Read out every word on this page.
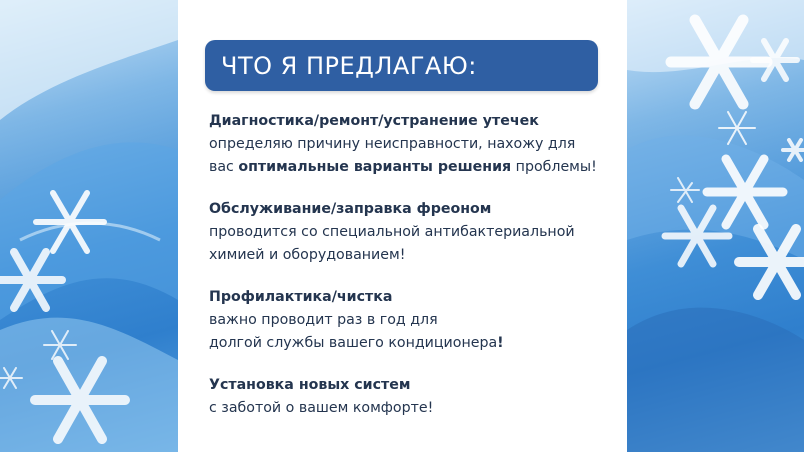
ЧТО Я ПРЕДЛАГАЮ:
Диагностика/ремонт/устранение утечек
определяю причину неисправности, нахожу для
вас оптимальные варианты решения проблемы!
Обслуживание/заправка фреоном
проводится со специальной антибактериальной
химией и оборудованием!
Профилактика/чистка
важно проводит раз в год для
долгой службы вашего кондиционера!
Установка новых систем
с заботой о вашем комфорте!
